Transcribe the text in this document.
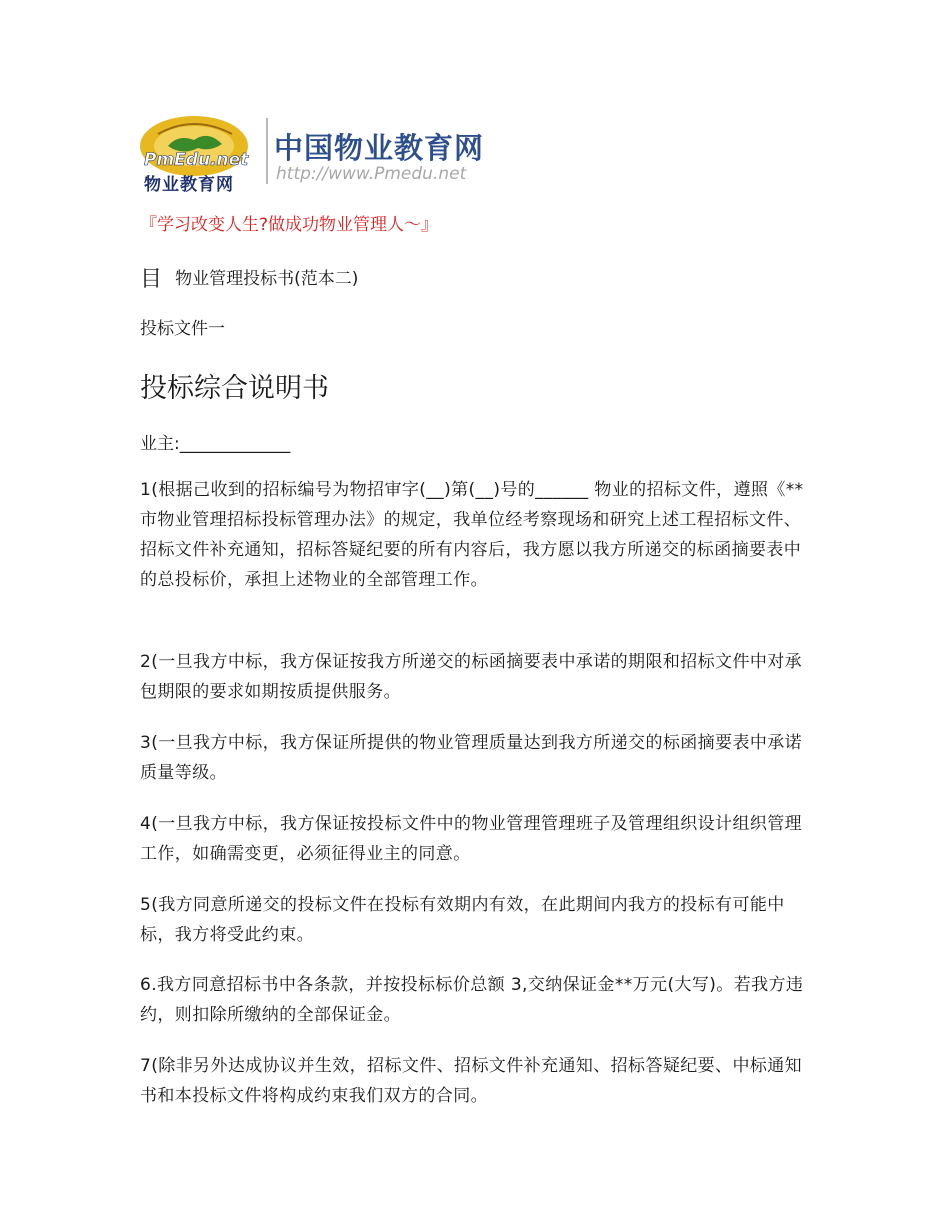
PmEdu.net
物业教育网
中国物业教育网
http://www.Pmedu.net
『学习改变人生?做成功物业管理人～』
目 物业管理投标书(范本二)
投标文件一
投标综合说明书
业主:_____________

1(根据己收到的招标编号为物招审字(__)第(__)号的______ 物业的招标文件，遵照《**市物业管理招标投标管理办法》的规定，我单位经考察现场和研究上述工程招标文件、招标文件补充通知，招标答疑纪要的所有内容后，我方愿以我方所递交的标函摘要表中的总投标价，承担上述物业的全部管理工作。

2(一旦我方中标，我方保证按我方所递交的标函摘要表中承诺的期限和招标文件中对承包期限的要求如期按质提供服务。

3(一旦我方中标，我方保证所提供的物业管理质量达到我方所递交的标函摘要表中承诺质量等级。

4(一旦我方中标，我方保证按投标文件中的物业管理管理班子及管理组织设计组织管理工作，如确需变更，必须征得业主的同意。

5(我方同意所递交的投标文件在投标有效期内有效，在此期间内我方的投标有可能中标，我方将受此约束。

6.我方同意招标书中各条款，并按投标标价总额 3,交纳保证金**万元(大写)。若我方违约，则扣除所缴纳的全部保证金。

7(除非另外达成协议并生效，招标文件、招标文件补充通知、招标答疑纪要、中标通知书和本投标文件将构成约束我们双方的合同。
